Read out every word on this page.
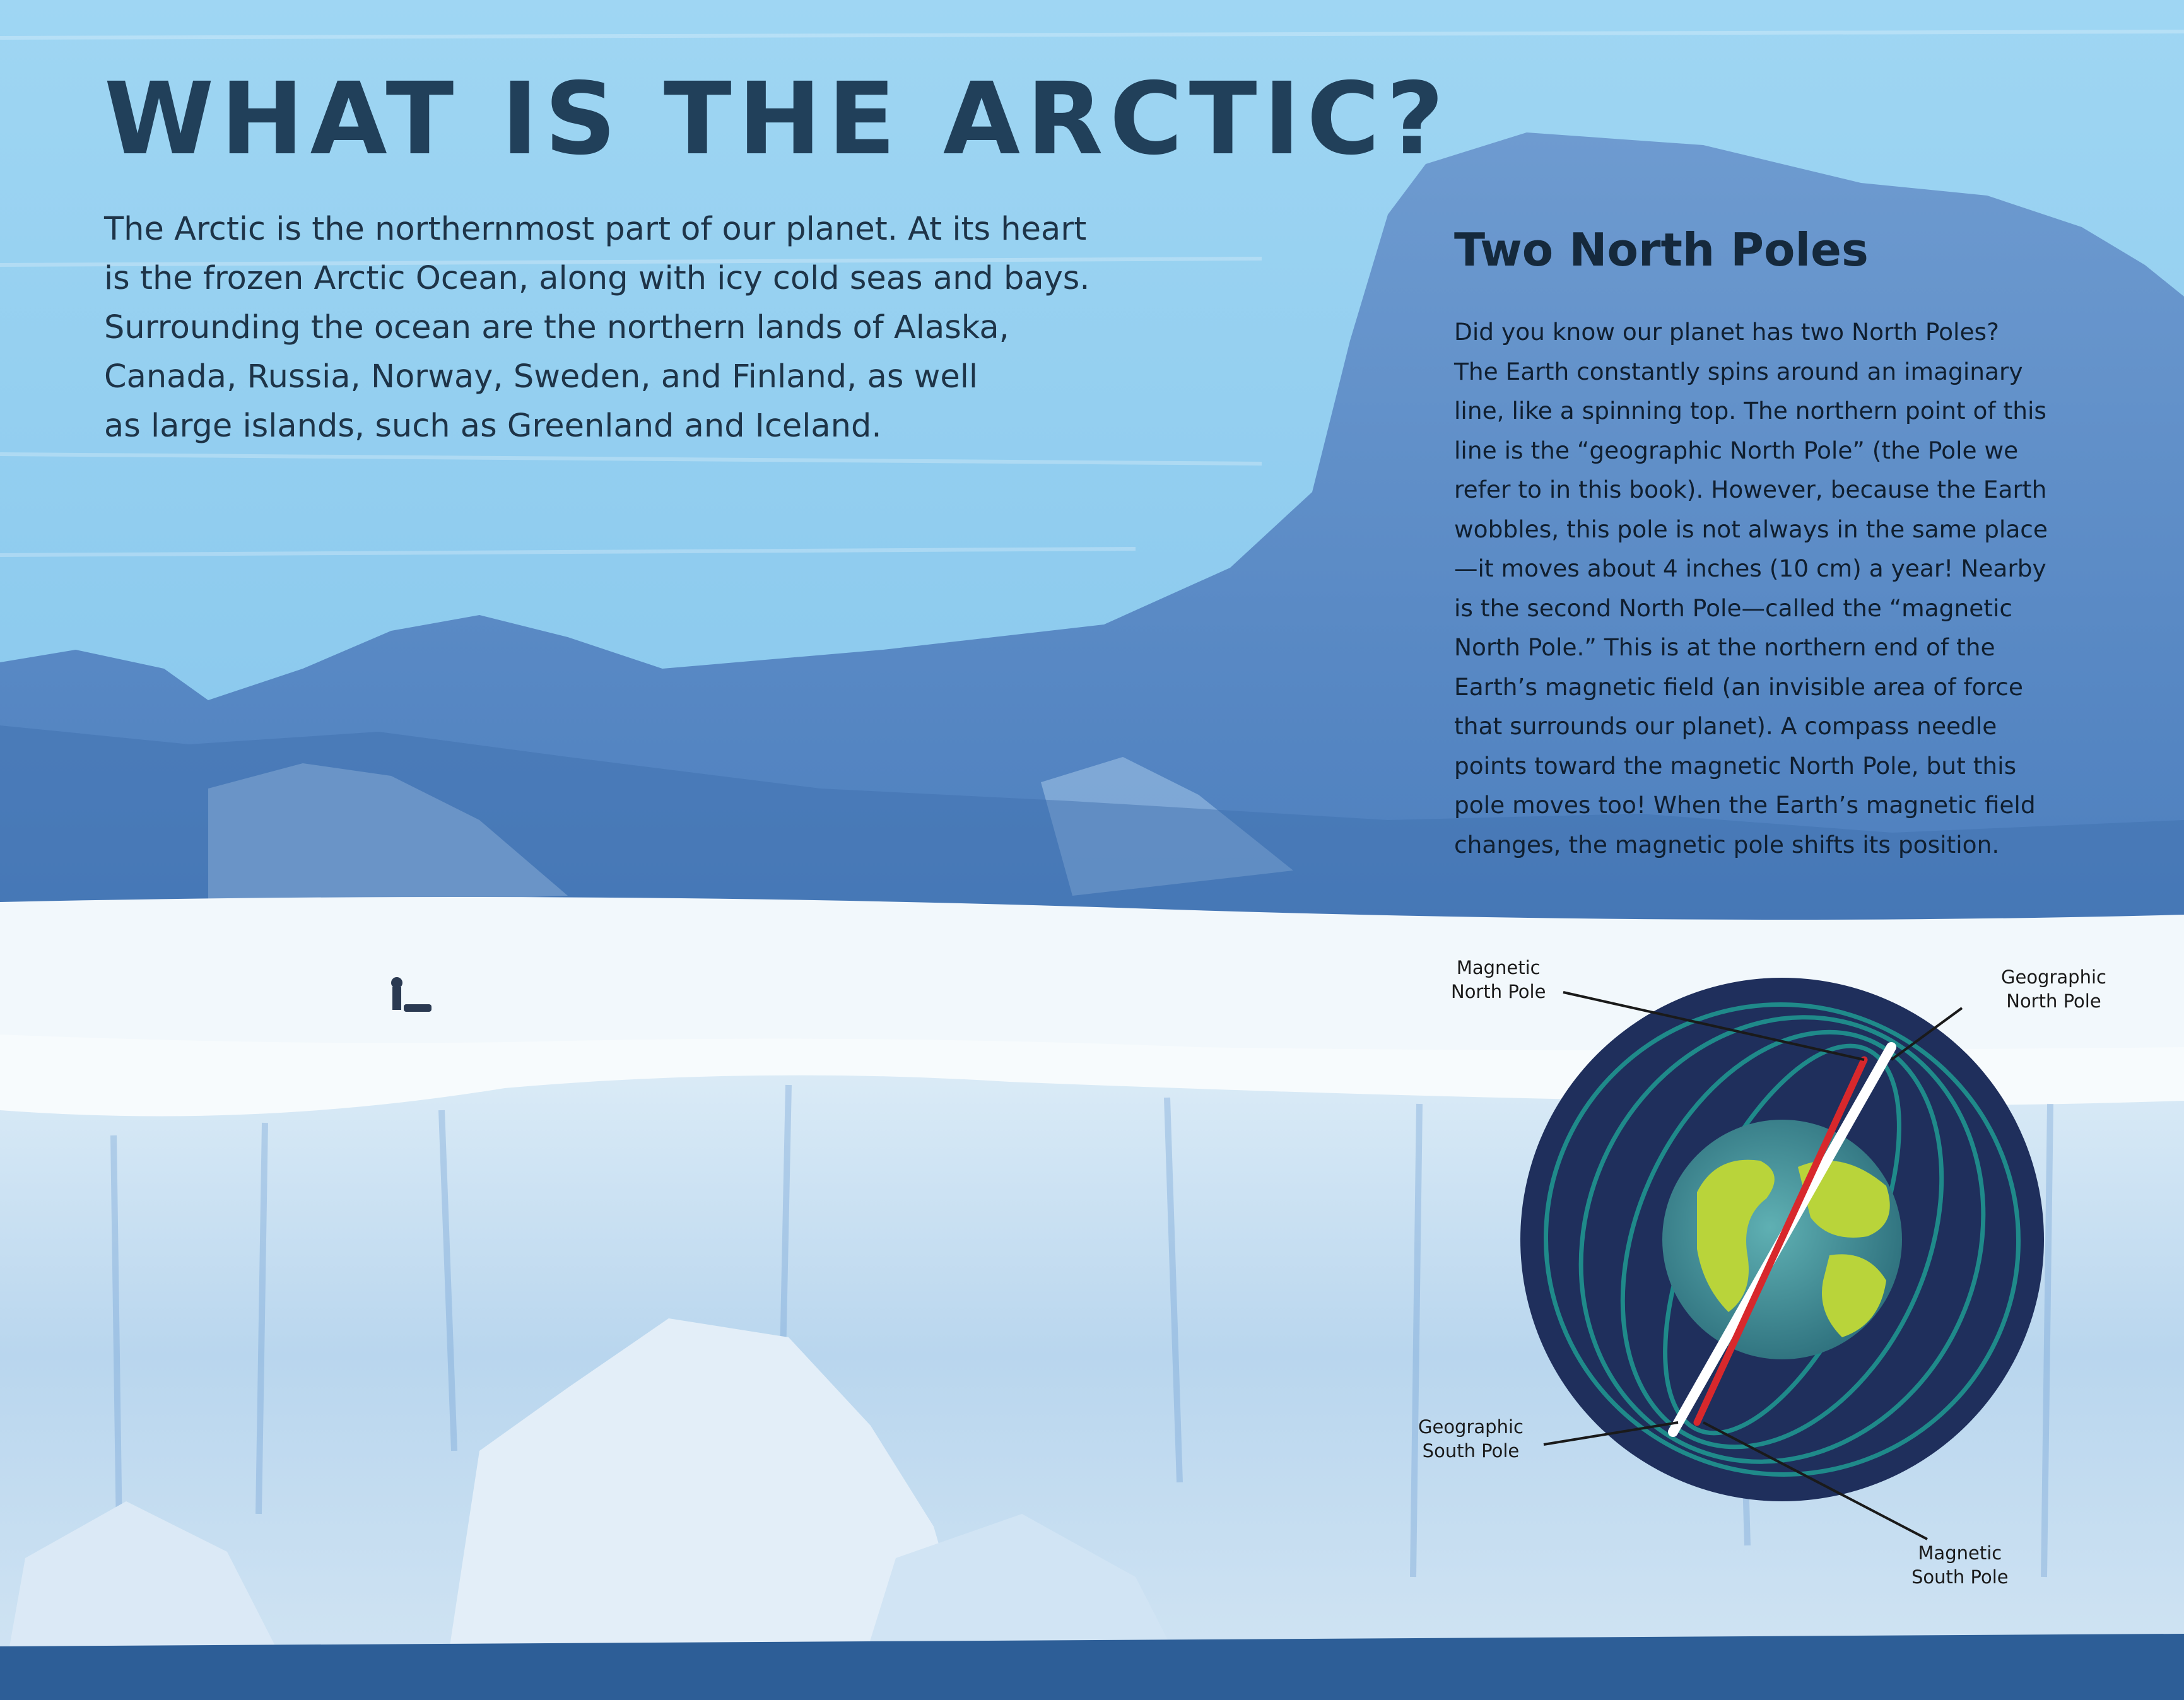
WHAT IS THE ARCTIC?
The Arctic is the northernmost part of our planet. At its heart
is the frozen Arctic Ocean, along with icy cold seas and bays.
Surrounding the ocean are the northern lands of Alaska,
Canada, Russia, Norway, Sweden, and Finland, as well
as large islands, such as Greenland and Iceland.
Two North Poles
Did you know our planet has two North Poles?
The Earth constantly spins around an imaginary
line, like a spinning top. The northern point of this
line is the “geographic North Pole” (the Pole we
refer to in this book). However, because the Earth
wobbles, this pole is not always in the same place
—it moves about 4 inches (10 cm) a year! Nearby
is the second North Pole—called the “magnetic
North Pole.” This is at the northern end of the
Earth’s magnetic field (an invisible area of force
that surrounds our planet). A compass needle
points toward the magnetic North Pole, but this
pole moves too! When the Earth’s magnetic field
changes, the magnetic pole shifts its position.
Magnetic
North Pole
Geographic
North Pole
Geographic
South Pole
Magnetic
South Pole
